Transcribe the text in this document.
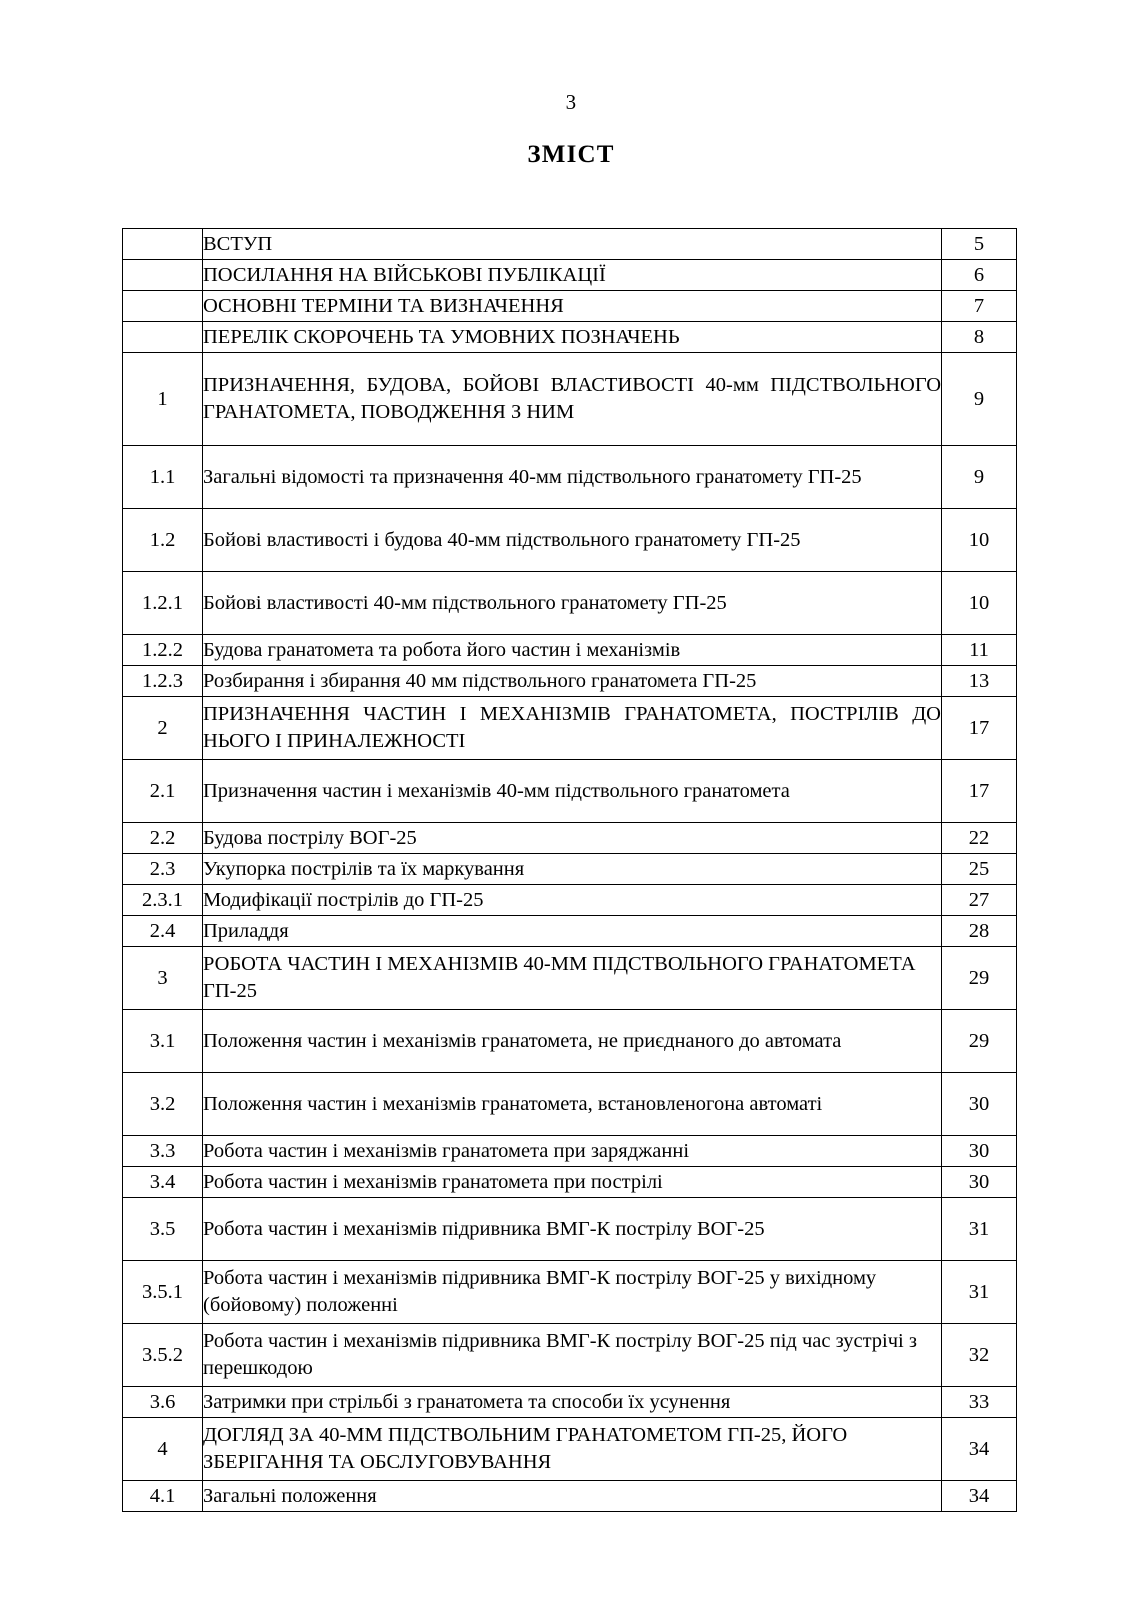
3
ЗМІСТ
	ВСТУП	5
	ПОСИЛАННЯ НА ВІЙСЬКОВІ ПУБЛІКАЦІЇ	6
	ОСНОВНІ ТЕРМІНИ ТА ВИЗНАЧЕННЯ	7
	ПЕРЕЛІК СКОРОЧЕНЬ ТА УМОВНИХ ПОЗНАЧЕНЬ	8
1	ПРИЗНАЧЕННЯ, БУДОВА, БОЙОВІ ВЛАСТИВОСТІ 40-мм ПІДСТВОЛЬНОГО ГРАНАТОМЕТА, ПОВОДЖЕННЯ З НИМ	9
1.1	Загальні відомості та призначення 40-мм підствольного гранатомету ГП-25	9
1.2	Бойові властивості і будова 40-мм підствольного гранатомету ГП-25	10
1.2.1	Бойові властивості 40-мм підствольного гранатомету ГП-25	10
1.2.2	Будова гранатомета та робота його частин і механізмів	11
1.2.3	Розбирання і збирання 40 мм підствольного гранатомета ГП-25	13
2	ПРИЗНАЧЕННЯ ЧАСТИН І МЕХАНІЗМІВ ГРАНАТОМЕТА, ПОСТРІЛІВ ДО НЬОГО І ПРИНАЛЕЖНОСТІ	17
2.1	Призначення частин і механізмів 40-мм підствольного гранатомета	17
2.2	Будова пострілу ВОГ-25	22
2.3	Укупорка пострілів та їх маркування	25
2.3.1	Модифікації пострілів до ГП-25	27
2.4	Приладдя	28
3	РОБОТА ЧАСТИН І МЕХАНІЗМІВ 40-ММ ПІДСТВОЛЬНОГО ГРАНАТОМЕТА ГП-25	29
3.1	Положення частин і механізмів гранатомета, не приєднаного до автомата	29
3.2	Положення частин і механізмів гранатомета, встановленогона автоматі	30
3.3	Робота частин і механізмів гранатомета при заряджанні	30
3.4	Робота частин і механізмів гранатомета при пострілі	30
3.5	Робота частин і механізмів підривника ВМГ-К пострілу ВОГ-25	31
3.5.1	Робота частин і механізмів підривника ВМГ-К пострілу ВОГ-25 у вихідному (бойовому) положенні	31
3.5.2	Робота частин і механізмів підривника ВМГ-К пострілу ВОГ-25 під час зустрічі з перешкодою	32
3.6	Затримки при стрільбі з гранатомета та способи їх усунення	33
4	ДОГЛЯД ЗА 40-ММ ПІДСТВОЛЬНИМ ГРАНАТОМЕТОМ ГП-25, ЙОГО ЗБЕРІГАННЯ ТА ОБСЛУГОВУВАННЯ	34
4.1	Загальні положення	34
